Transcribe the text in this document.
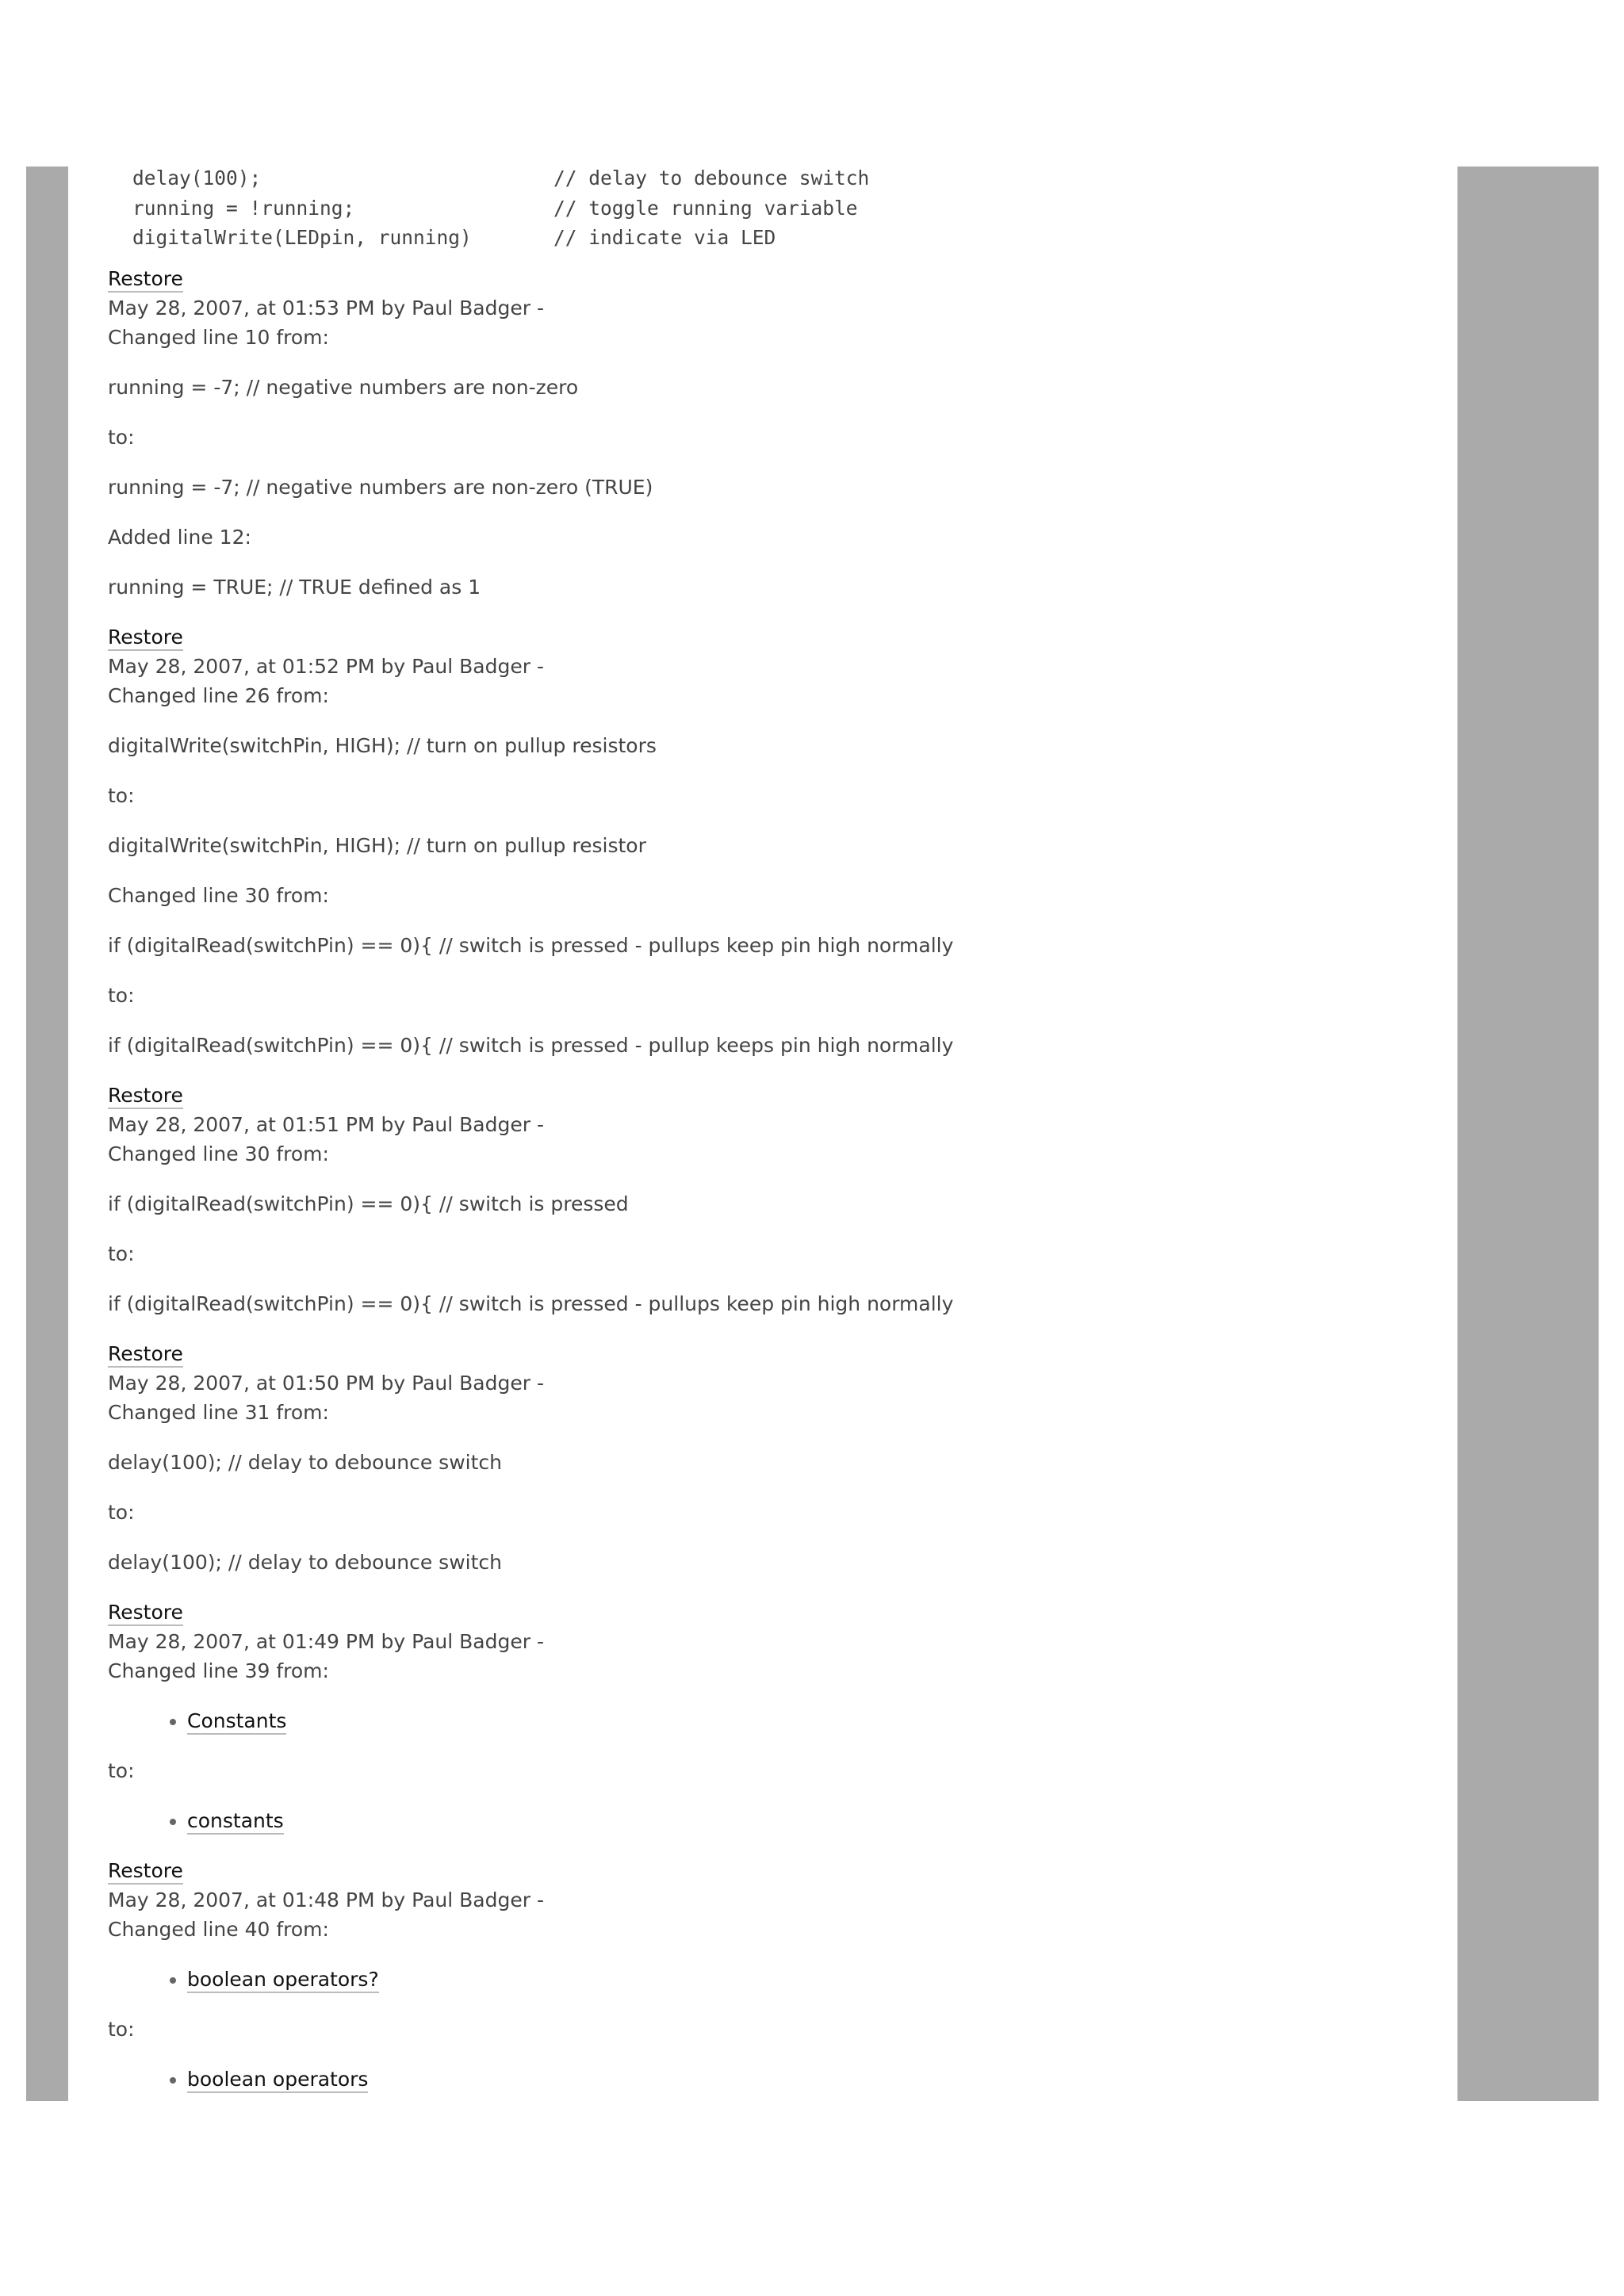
delay(100);                         // delay to debounce switch
running = !running;                 // toggle running variable
digitalWrite(LEDpin, running)       // indicate via LED
Restore
May 28, 2007, at 01:53 PM by Paul Badger -
Changed line 10 from:

running = -7; // negative numbers are non-zero

to:

running = -7; // negative numbers are non-zero (TRUE)

Added line 12:

running = TRUE; // TRUE defined as 1

Restore
May 28, 2007, at 01:52 PM by Paul Badger -
Changed line 26 from:

digitalWrite(switchPin, HIGH); // turn on pullup resistors

to:

digitalWrite(switchPin, HIGH); // turn on pullup resistor

Changed line 30 from:

if (digitalRead(switchPin) == 0){ // switch is pressed - pullups keep pin high normally

to:

if (digitalRead(switchPin) == 0){ // switch is pressed - pullup keeps pin high normally

Restore
May 28, 2007, at 01:51 PM by Paul Badger -
Changed line 30 from:

if (digitalRead(switchPin) == 0){ // switch is pressed

to:

if (digitalRead(switchPin) == 0){ // switch is pressed - pullups keep pin high normally

Restore
May 28, 2007, at 01:50 PM by Paul Badger -
Changed line 31 from:

delay(100); // delay to debounce switch

to:

delay(100); // delay to debounce switch

Restore
May 28, 2007, at 01:49 PM by Paul Badger -
Changed line 39 from:
• Constants

to:

• constants
Restore
May 28, 2007, at 01:48 PM by Paul Badger -
Changed line 40 from:
• boolean operators?

to:

• boolean operators
